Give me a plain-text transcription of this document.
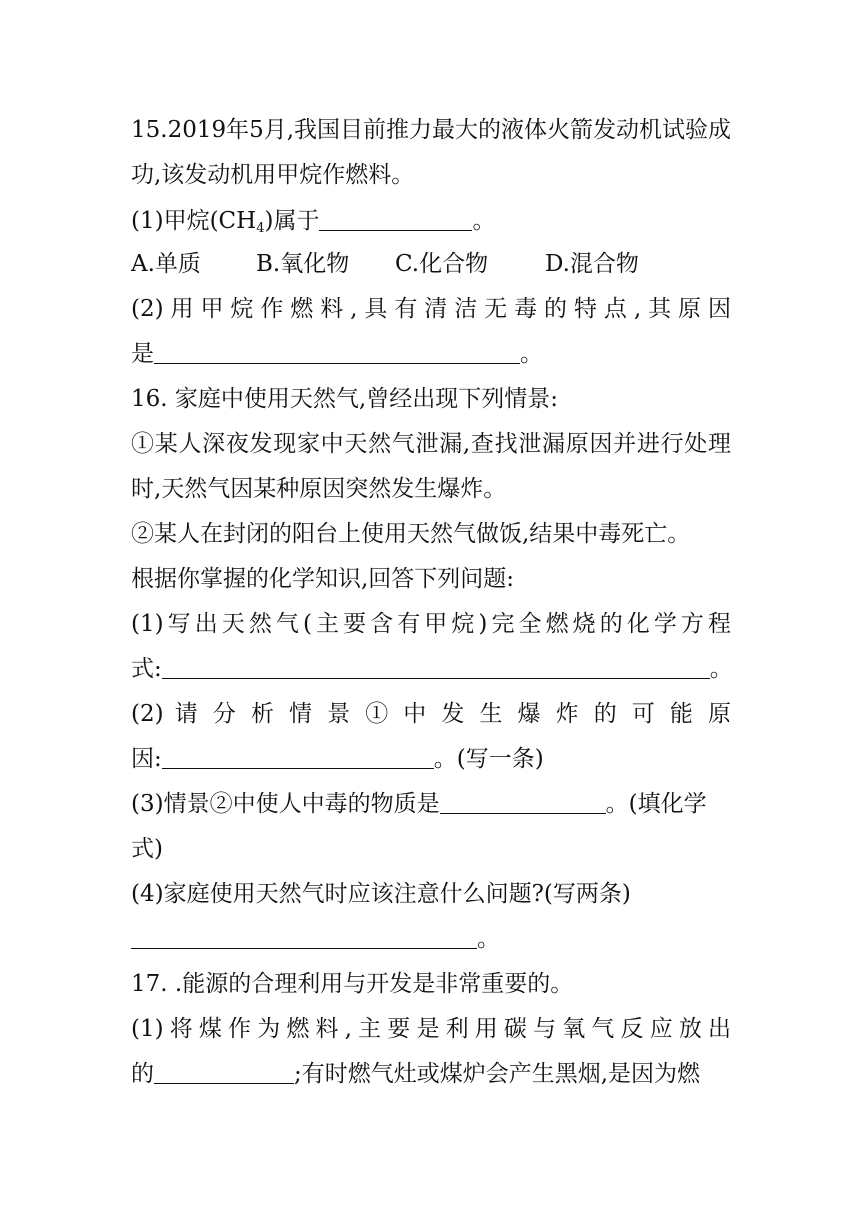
15.2019年5月,我国目前推力最大的液体火箭发动机试验成
功,该发动机用甲烷作燃料。
(1)甲烷$(CH_4)$属于	。
A.单质 B.氧化物 C.化合物 D.混合物
(2)用甲烷作燃料,具有清洁无毒的特点,其原因
是	。
16. 家庭中使用天然气,曾经出现下列情景:
①某人深夜发现家中天然气泄漏,查找泄漏原因并进行处理
时,天然气因某种原因突然发生爆炸。
②某人在封闭的阳台上使用天然气做饭,结果中毒死亡。
根据你掌握的化学知识,回答下列问题:
(1)写出天然气(主要含有甲烷)完全燃烧的化学方程
式:	。
(2) 请 分 析 情 景 ① 中 发 生 爆 炸 的 可 能 原
因:	。(写一条)
(3)情景②中使人中毒的物质是	。(填化学
式)
(4)家庭使用天然气时应该注意什么问题?(写两条)
。
17. .能源的合理利用与开发是非常重要的。
(1)将煤作为燃料,主要是利用碳与氧气反应放出
的	;有时燃气灶或煤炉会产生黑烟,是因为燃
